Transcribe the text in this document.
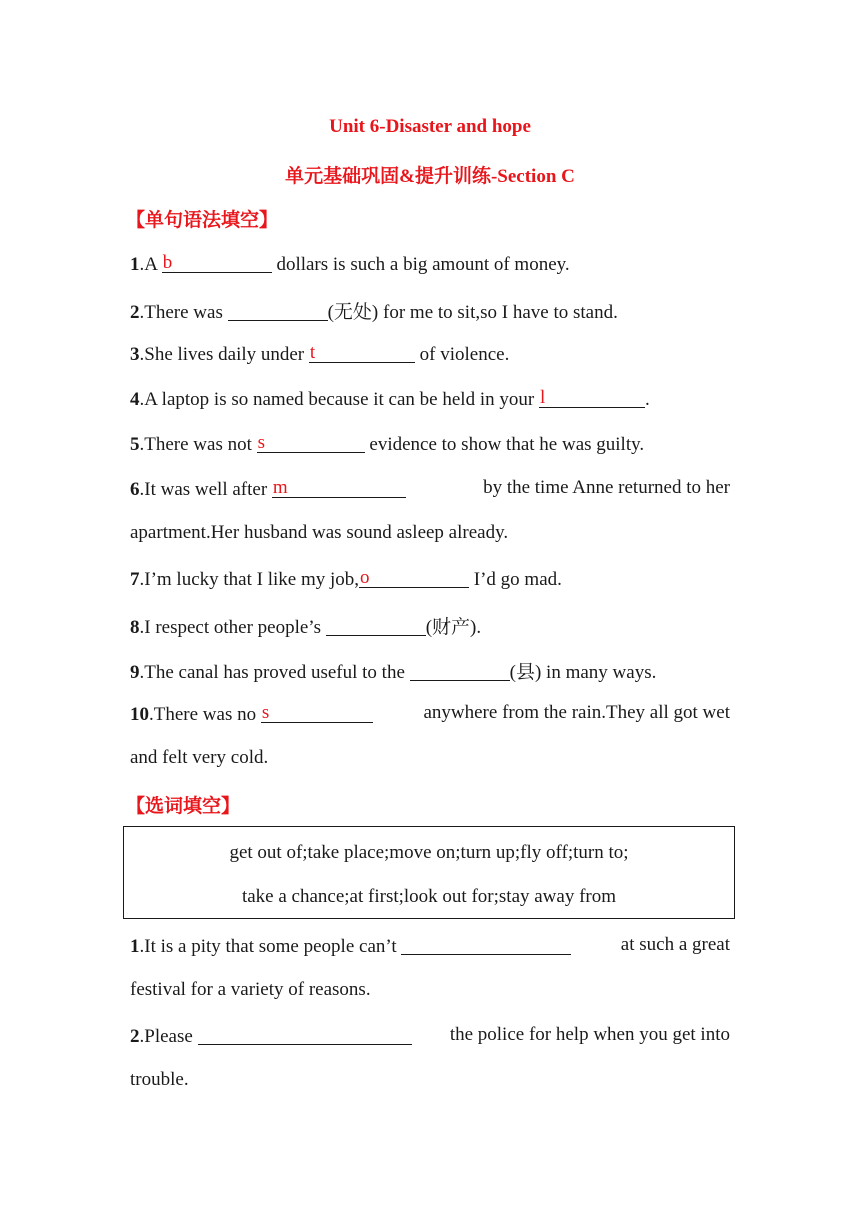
Unit 6-Disaster and hope
单元基础巩固&提升训练-Section C
【单句语法填空】
1.A b	dollars is such a big amount of money.
2.There was	(无处) for me to sit,so I have to stand.
3.She lives daily under t	of violence.
4.A laptop is so named because it can be held in your l	.
5.There was not s	evidence to show that he was guilty.
6.It was well after m	by the time Anne returned to her
apartment.Her husband was sound asleep already.
7.I’m lucky that I like my job, o	I’d go mad.
8.I respect other people’s	(财产).
9.The canal has proved useful to the	(县) in many ways.
10.There was no s	anywhere from the rain.They all got wet
and felt very cold.
【选词填空】
get out of;take place;move on;turn up;fly off;turn to;
take a chance;at first;look out for;stay away from
1.It is a pity that some people can’t	at such a great
festival for a variety of reasons.
2.Please	the police for help when you get into
trouble.
